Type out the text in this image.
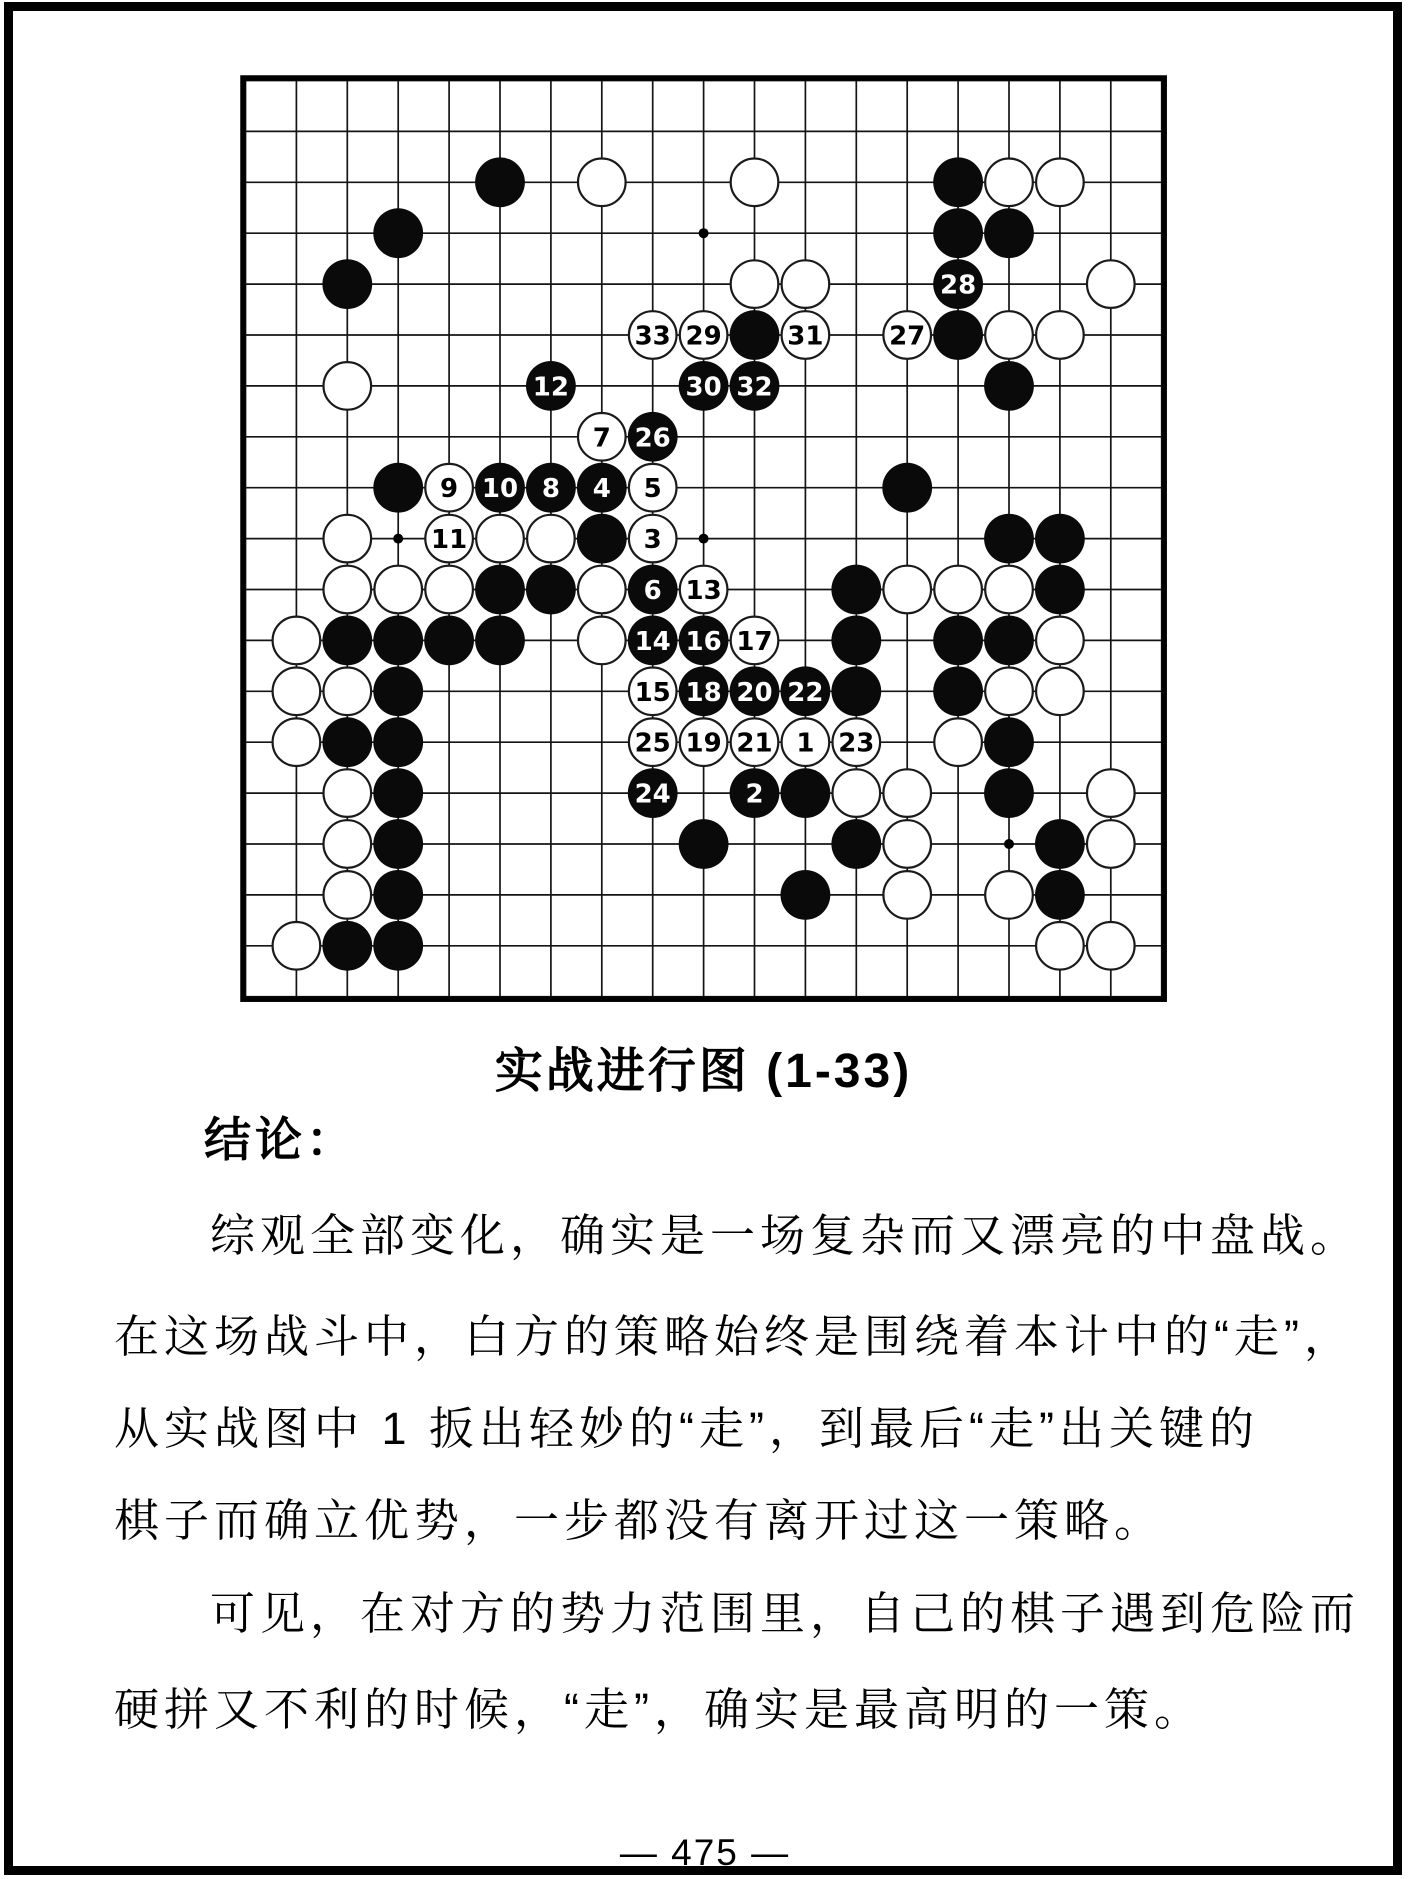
1
2
3
4 5
6
7
8
9 10
11
12
13
14
15
16 17
18
19
20
21
22
23
24
25
26
27
28
29
30
31
32
33
实战进行图 (1-33)
结论：
综观全部变化，确实是一场复杂而又漂亮的中盘战。
在这场战斗中，白方的策略始终是围绕着本计中的“走”，
从实战图中 1 扳出轻妙的“走”，到最后“走”出关键的
棋子而确立优势，一步都没有离开过这一策略。
可见，在对方的势力范围里，自己的棋子遇到危险而
硬拼又不利的时候，“走”，确实是最高明的一策。
— 475 —
